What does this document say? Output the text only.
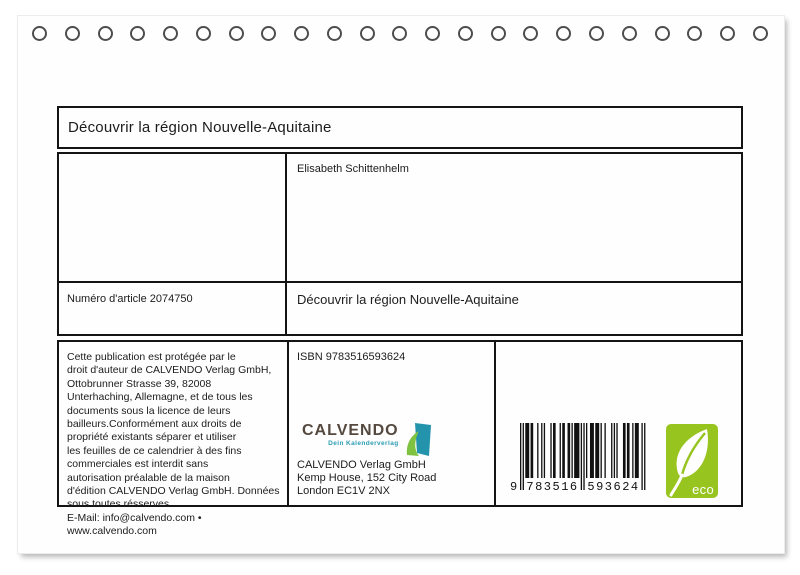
Découvrir la région Nouvelle-Aquitaine
Elisabeth Schittenhelm
Numéro d'article 2074750	Découvrir la région Nouvelle-Aquitaine
Cette publication est protégée par le
droit d'auteur de CALVENDO Verlag GmbH,
Ottobrunner Strasse 39, 82008
Unterhaching, Allemagne, et de tous les
documents sous la licence de leurs
bailleurs.Conformément aux droits de
propriété existants séparer et utiliser
les feuilles de ce calendrier à des fins
commerciales est interdit sans
autorisation préalable de la maison
d'édition CALVENDO Verlag GmbH. Données
sous toutes résserves.
E-Mail: info@calvendo.com •
www.calvendo.com
ISBN 9783516593624
CALVENDO
Dein Kalenderverlag
CALVENDO Verlag GmbH
Kemp House, 152 City Road
London EC1V 2NX	9 783516 593624	eco
